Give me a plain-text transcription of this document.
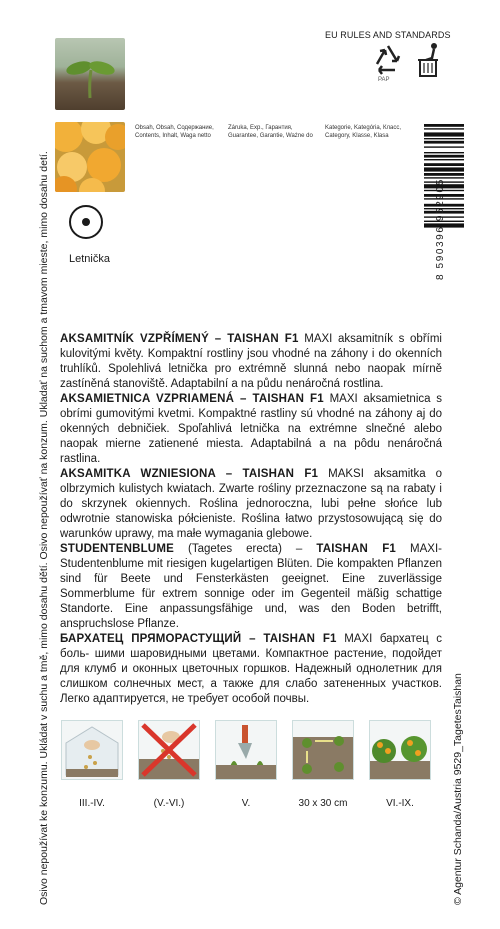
Osivo nepoužívat ke konzumu. Ukládat v suchu a tmě, mimo dosahu dětí. Osivo nepoužívať na konzum. Ukladať na suchom a tmavom mieste, mimo dosahu detí.	© Agentur Schanda/Austria 9529_TagetesTaishan
EU RULES AND STANDARDS
PAP
Obsah, Obsah, Содержание,
Contents, Inhalt, Waga netto
Záruka, Exp., Гарантия,
Guarantee, Garantie, Ważne do
Kategorie, Kategória, Класс,
Category, Klasse, Klasa
8 590396 952905
Letnička

AKSAMITNÍK VZPŘÍMENÝ – TAISHAN F1 MAXI aksamitník s obřími kulovitými květy. Kompaktní rostliny jsou vhodné na záhony i do okenních truhlíků. Spolehlivá letnička pro extrémně slunná nebo naopak mírně zastíněná stanoviště. Adaptabilní a na půdu nenáročná rostlina.

AKSAMIETNICA VZPRIAMENÁ – TAISHAN F1 MAXI aksamietnica s obrími gumovitými kvetmi. Kompaktné rastliny sú vhodné na záhony aj do okenných debničiek. Spoľahlivá letnička na extrémne slnečné alebo naopak mierne zatienené miesta. Adaptabilná a na pôdu nenáročná rastlina.

AKSAMITKA WZNIESIONA – TAISHAN F1 MAKSI aksamitka o olbrzymich kulistych kwiatach. Zwarte rośliny przeznaczone są na rabaty i do skrzynek okiennych. Roślina jednoroczna, lubi pełne słońce lub odwrotnie stanowiska półcieniste. Roślina łatwo przystosowującą się do warunków uprawy, ma małe wymagania glebowe.

STUDENTENBLUME (Tagetes erecta) – TAISHAN F1 MAXI- Studentenblume mit riesigen kugelartigen Blüten. Die kompakten Pflanzen sind für Beete und Fensterkästen geeignet. Eine zuverlässige Sommerblume für extrem sonnige oder im Gegenteil mäßig schattige Standorte. Eine anpassungsfähige und, was den Boden betrifft, anspruchslose Pflanze.

БАРХАТЕЦ ПРЯМОРАСТУЩИЙ – TAISHAN F1 MAXI бархатец с боль- шими шаровидными цветами. Компактное растение, подойдет для клумб и оконных цветочных горшков. Надежный однолетник для слишком солнечных мест, а также для слабо затененных участков. Легко адаптируется, не требует особой почвы.

III.-IV.	(V.-VI.)	V.	30 x 30 cm	VI.-IX.
